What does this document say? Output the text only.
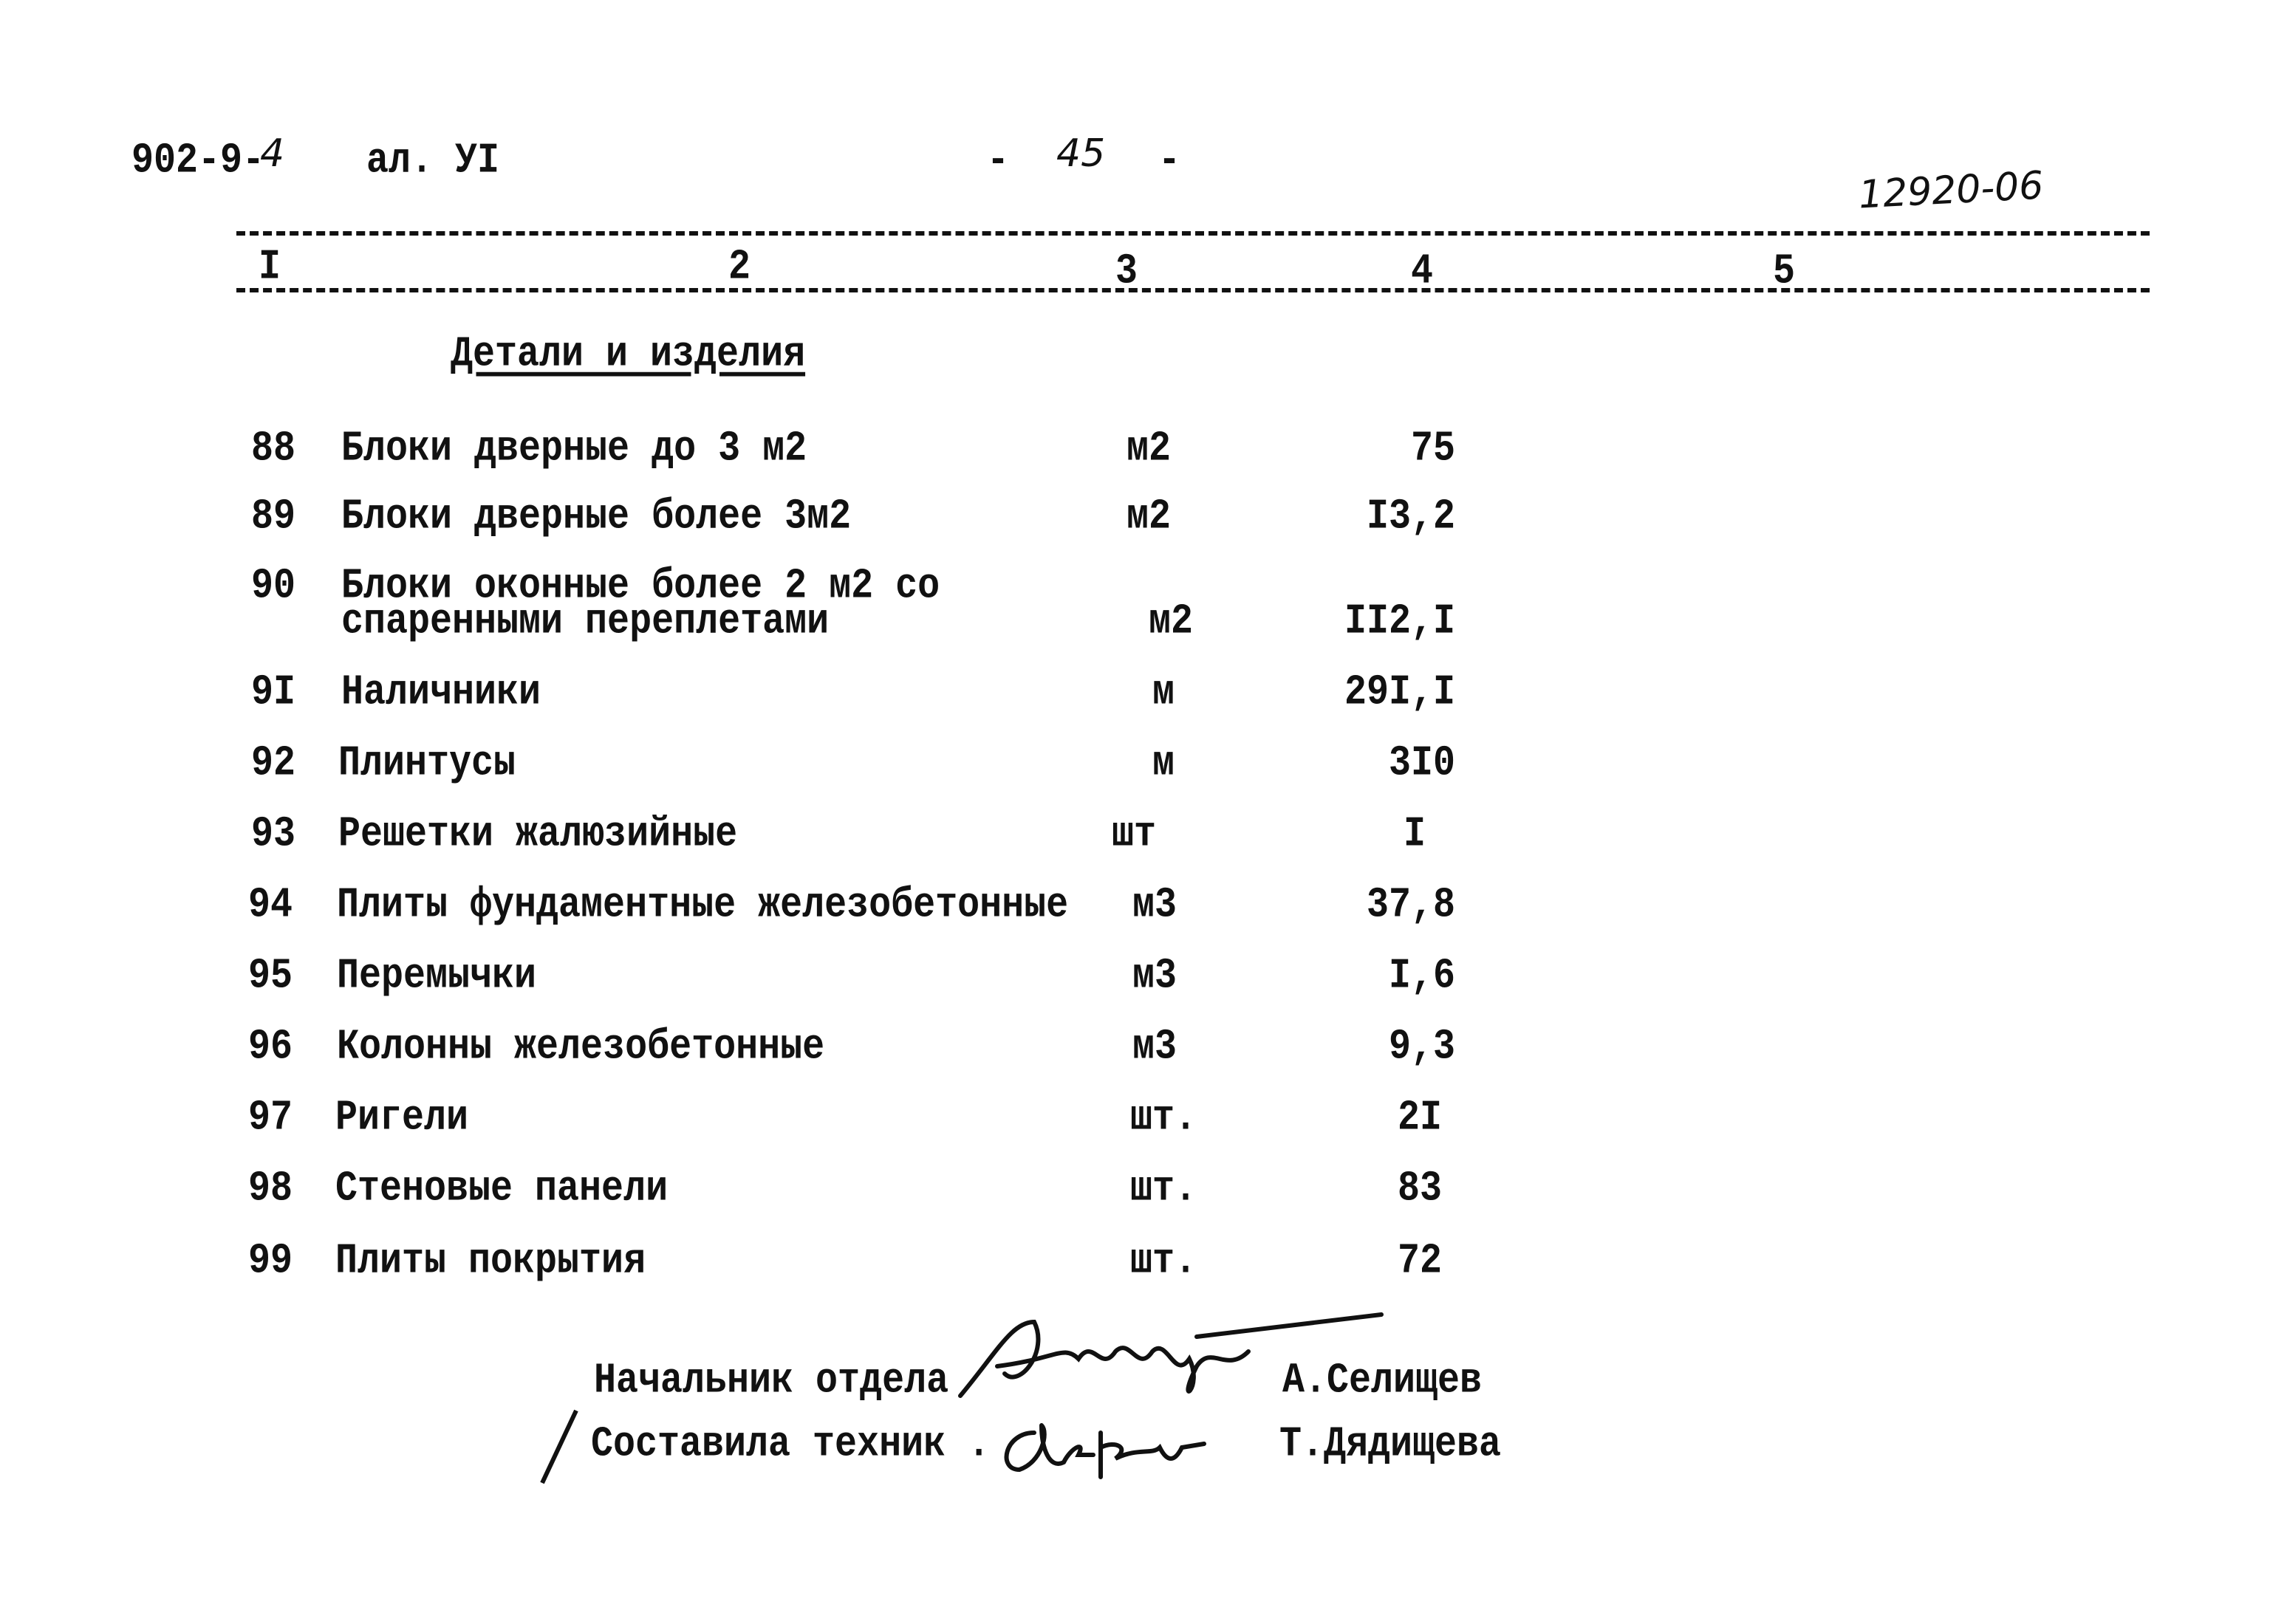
902-9-
4 ал. УI	- 45 -
12920-06
I	2	3	4	5
Детали и изделия
88 Блоки дверные до 3 м2	м2	75
89 Блоки дверные более 3м2	м2	I3,2
90 Блоки оконные более 2 м2 со
спаренными переплетами	м2	II2,I
9I Наличники	м	29I,I
92 Плинтусы	м	3I0
93 Решетки жалюзийные	шт	I
94 Плиты фундаментные железобетонные	м3	37,8
95 Перемычки	м3	I,6
96 Колонны железобетонные	м3	9,3
97 Ригели	шт.	2I
98 Стеновые панели	шт.	83
99 Плиты покрытия	шт.	72
Начальник отдела	А.Селищев
Составила техник .	Т.Дядищева
